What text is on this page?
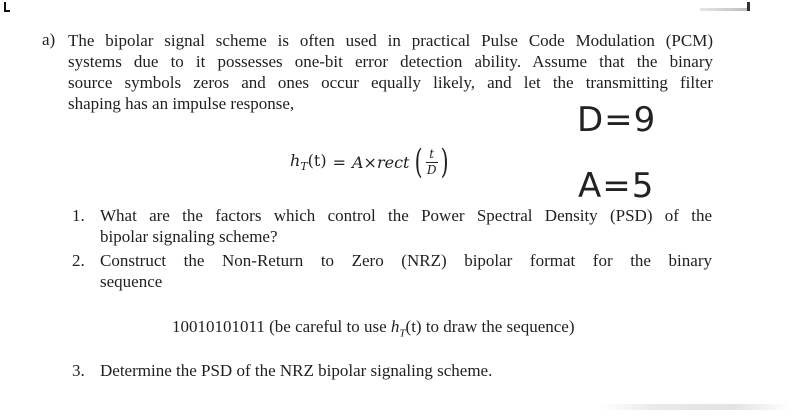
a) The bipolar signal scheme is often used in practical Pulse Code Modulation (PCM)
systems due to it possesses one-bit error detection ability. Assume that the binary
source symbols zeros and ones occur equally likely, and let the transmitting filter
shaping has an impulse response,	D=9
A=5
$h_T(t)$ = A×rect ( $\frac{t}{D}$ )
1. What are the factors which control the Power Spectral Density (PSD) of the
bipolar signaling scheme?
2. Construct the Non-Return to Zero (NRZ) bipolar format for the binary
sequence
10010101011 (be careful to use $h_T(t)$ to draw the sequence)
3. Determine the PSD of the NRZ bipolar signaling scheme.
